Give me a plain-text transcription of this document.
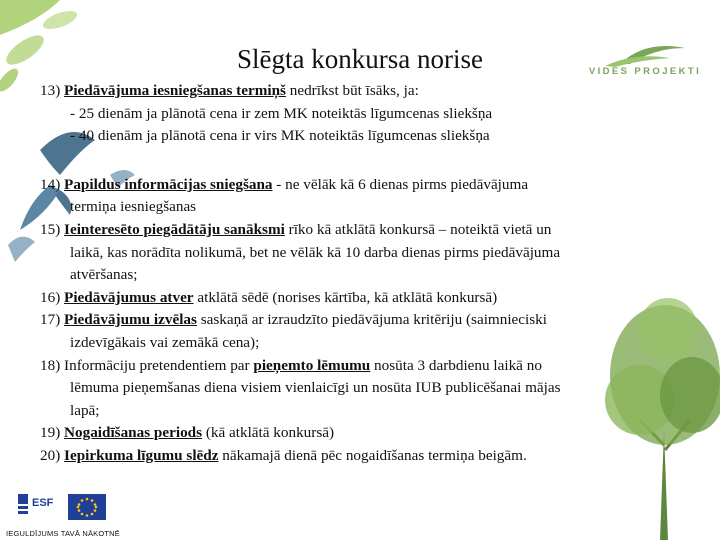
VIDES PROJEKTI
Slēgta konkursa norise
13) Piedāvājuma iesniegšanas termiņš nedrīkst būt īsāks, ja:
- 25 dienām ja plānotā cena ir zem MK noteiktās līgumcenas sliekšņa
- 40 dienām ja plānotā cena ir virs MK noteiktās līgumcenas sliekšņa
14) Papildus informācijas sniegšana - ne vēlāk kā 6 dienas pirms piedāvājuma
termiņa iesniegšanas
15) Ieinteresēto piegādātāju sanāksmi rīko kā atklātā konkursā – noteiktā vietā un
laikā, kas norādīta nolikumā, bet ne vēlāk kā 10 darba dienas pirms piedāvājuma
atvēršanas;
16) Piedāvājumus atver atklātā sēdē (norises kārtība, kā atklātā konkursā)
17) Piedāvājumu izvēlas saskaņā ar izraudzīto piedāvājuma kritēriju (saimnieciski
izdevīgākais vai zemākā cena);
18) Informāciju pretendentiem par pieņemto lēmumu nosūta 3 darbdienu laikā no
lēmuma pieņemšanas diena visiem vienlaicīgi un nosūta IUB publicēšanai mājas
lapā;
19) Nogaidīšanas periods (kā atklātā konkursā)
20) Iepirkuma līgumu slēdz nākamajā dienā pēc nogaidīšanas termiņa beigām.
ESF
IEGULDĪJUMS TAVĀ NĀKOTNĒ
